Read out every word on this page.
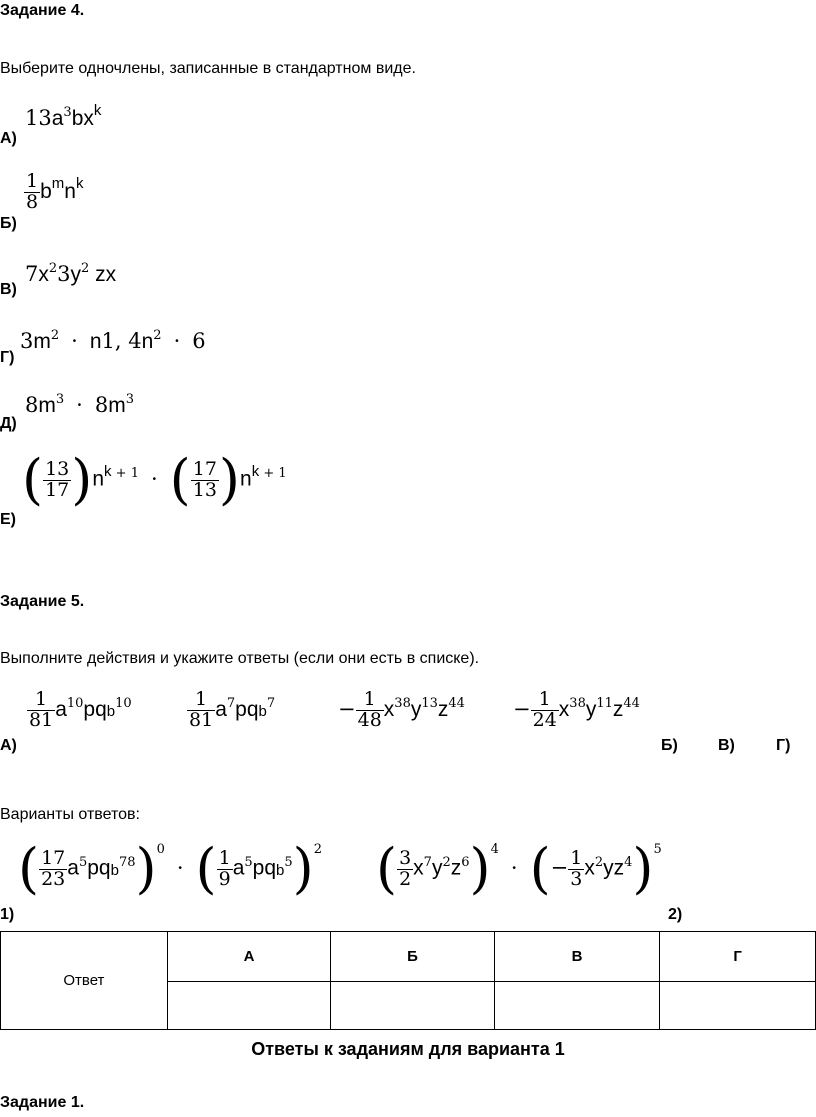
Задание 4.
Выберите одночлены, записанные в стандартном виде.
$13a^3bx^k$
А)
$\frac{1}{8} b^mn^k$
Б)
$7x^23y^2$ zx
В)
$3m^2 \cdot n1$, $4n^2 \cdot 6$
Г)
$8m^3 \cdot 8m^3$
Д)
( $\frac{13}{17} )n^k$ $^{+ 1}$ · ( $\frac{17}{13} )n^k$ $^{+ 1}$
Е)
Задание 5.
Выполните действия и укажите ответы (если они есть в списке).
$\frac{1}{81} a^{10}pqb^{10}$	$\frac{1}{81} a^7pqb^7$	− $\frac{1}{48} x^{38}y^{13}z^{44} - \frac{1}{24} x^{38}y^{11}z^{44}$
А)	Б)	В)	Г)
Варианты ответов:
( $\frac{17}{23} a^5pqb^{78})^0\cdot$ ( $\frac{1}{9} a^5pqb^5)^2$ ( $\frac{3}{2} x^7y^2z^6)^4\cdot$ (− $\frac{1}{3} x^2yz^4)^5$
1)	2)
Ответ	А	Б	В	Г

Ответы к заданиям для варианта 1
Задание 1.
